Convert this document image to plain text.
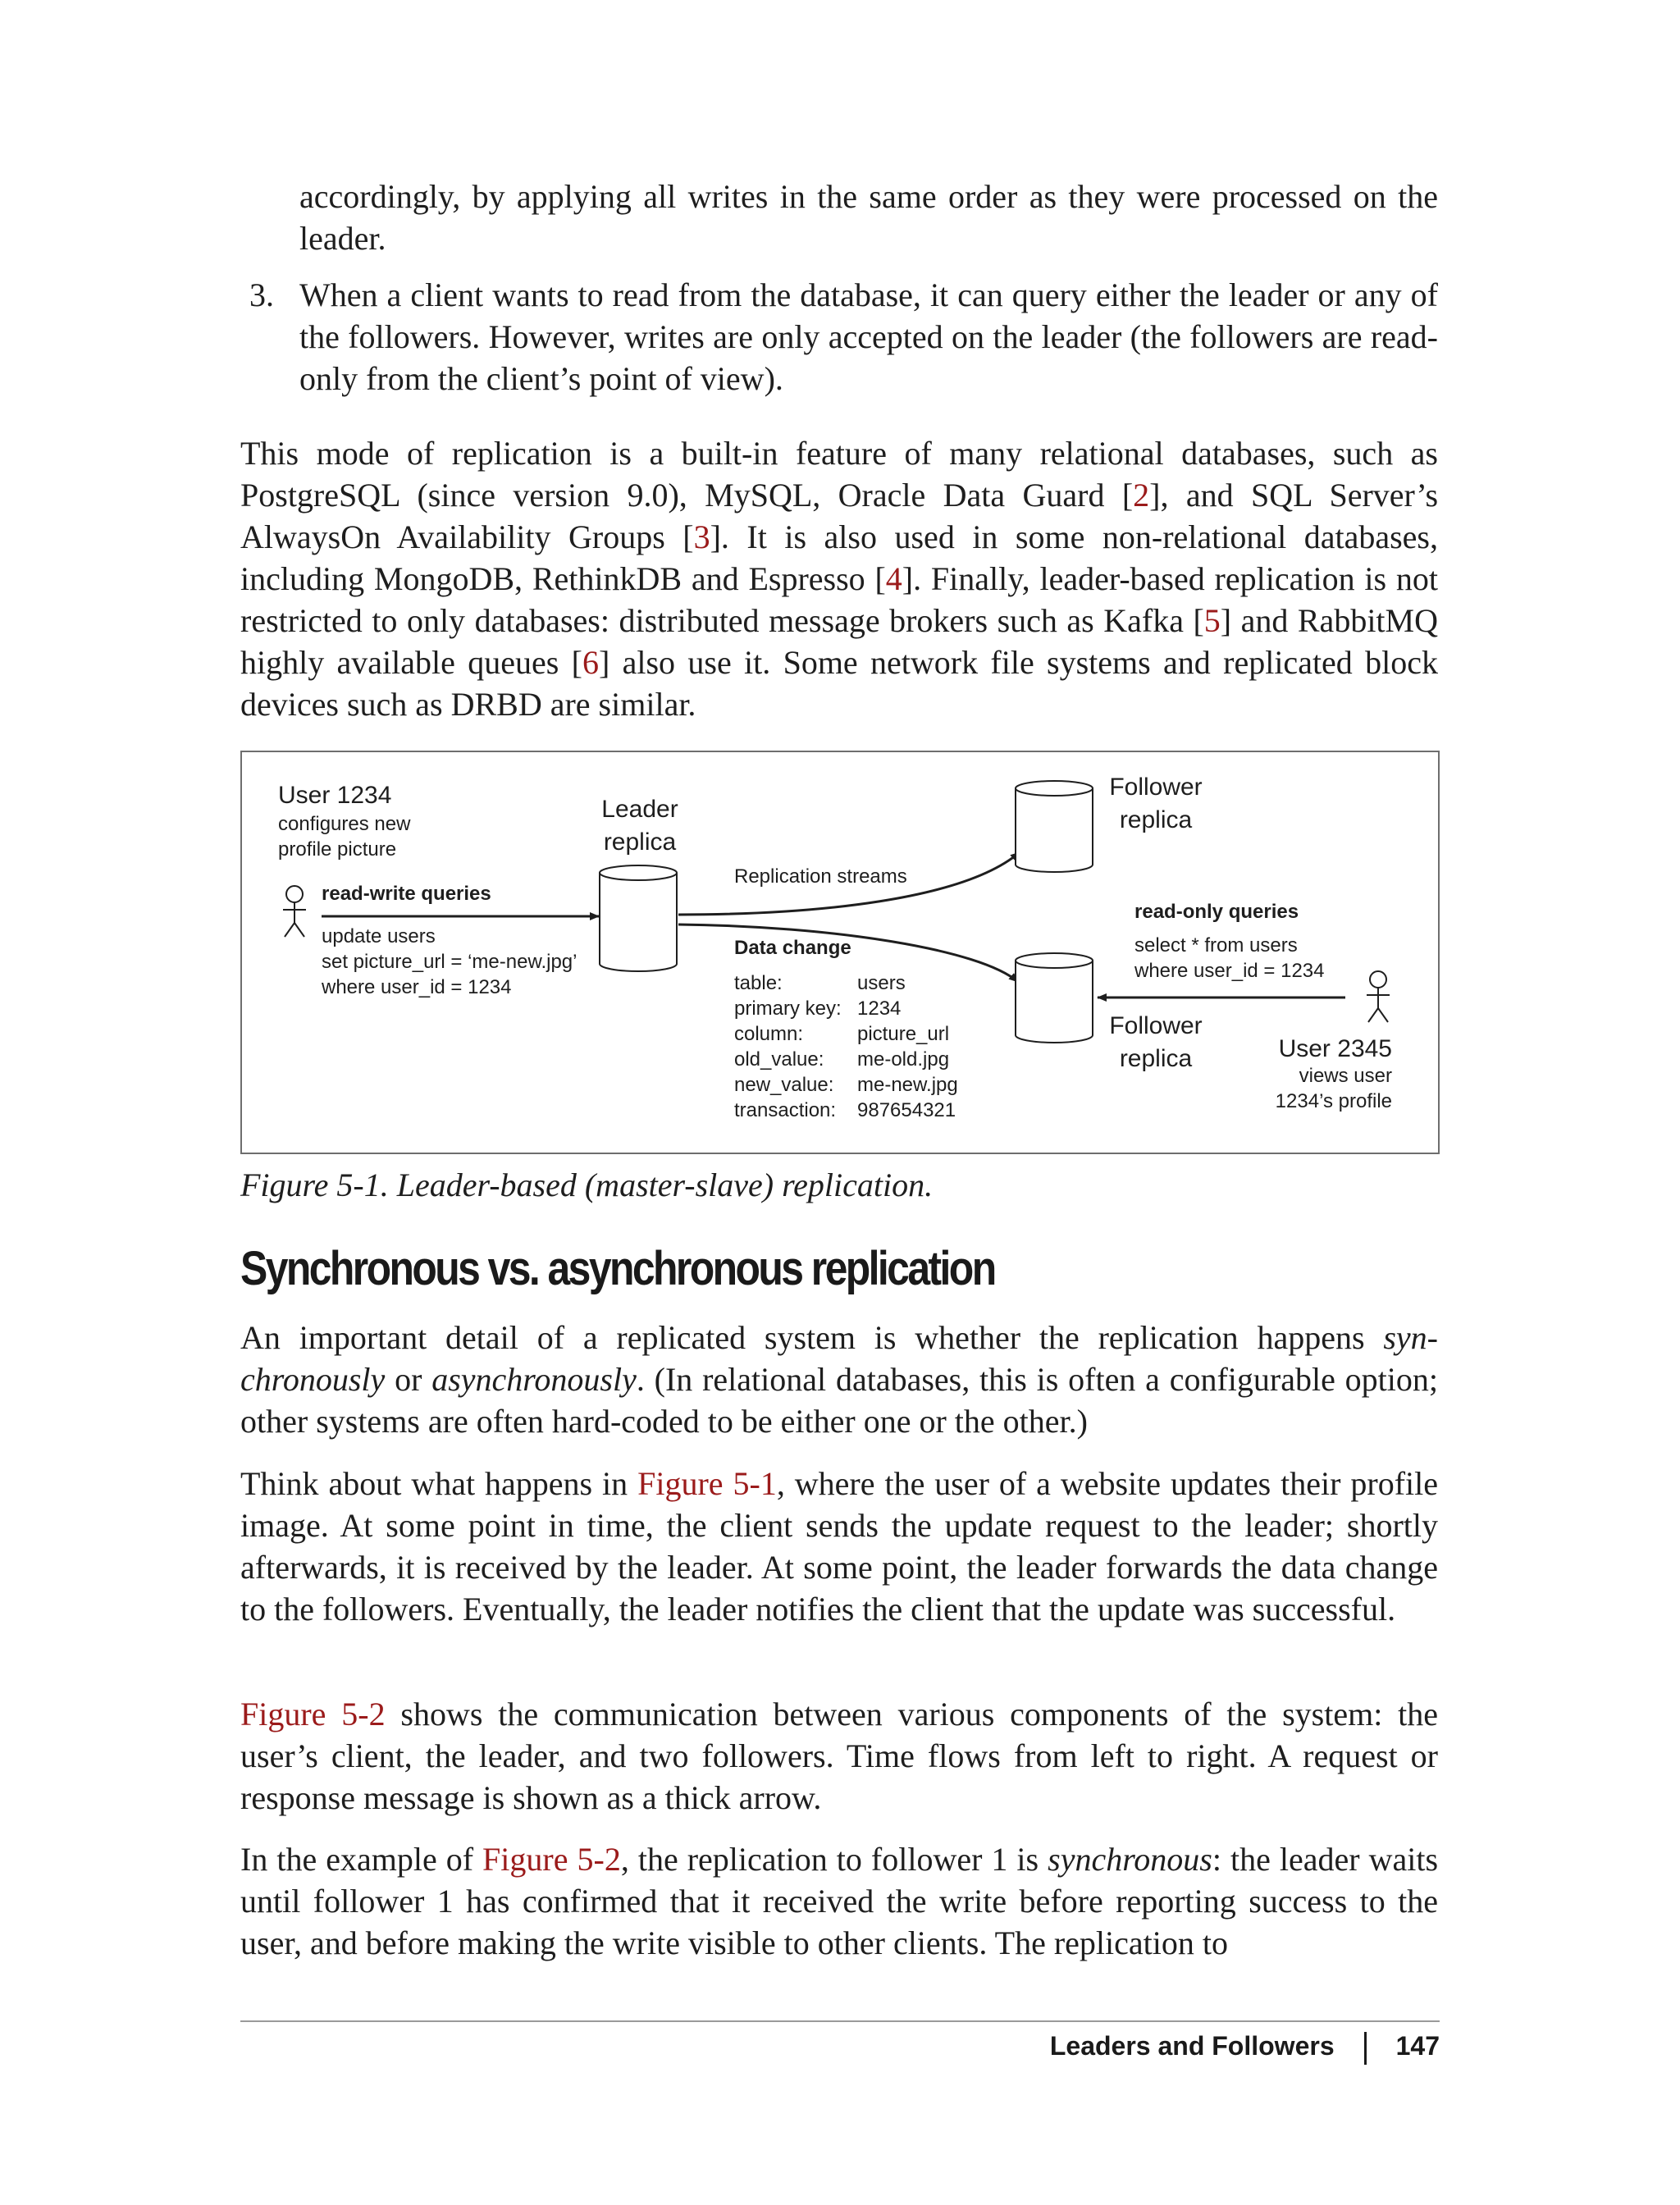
accordingly, by applying all writes in the same order as they were processed on the leader.

3. When a client wants to read from the database, it can query either the leader or any of the followers. However, writes are only accepted on the leader (the followers are read-only from the client’s point of view).

This mode of replication is a built-in feature of many relational databases, such as PostgreSQL (since version 9.0), MySQL, Oracle Data Guard [2], and SQL Server’s AlwaysOn Availability Groups [3]. It is also used in some non-relational databases, including MongoDB, RethinkDB and Espresso [4]. Finally, leader-based replication is not restricted to only databases: distributed message brokers such as Kafka [5] and RabbitMQ highly available queues [6] also use it. Some network file systems and replicated block devices such as DRBD are similar.

User 1234
configures new
profile picture
read-write queries
update users
set picture_url = ‘me-new.jpg’
where user_id = 1234
Leader
replica
Replication streams
Data change
table:	users
primary key: 1234
column:	picture_url
old_value: me-old.jpg
new_value: me-new.jpg
transaction: 987654321
Follower
replica
Follower
replica
read-only queries
select * from users
where user_id = 1234
User 2345
views user
1234’s profile

Figure 5-1. Leader-based (master-slave) replication.

Synchronous vs. asynchronous replication

An important detail of a replicated system is whether the replication happens synchronously or asynchronously. (In relational databases, this is often a configurable option; other systems are often hard-coded to be either one or the other.)

Think about what happens in Figure 5-1, where the user of a website updates their profile image. At some point in time, the client sends the update request to the leader; shortly afterwards, it is received by the leader. At some point, the leader forwards the data change to the followers. Eventually, the leader notifies the client that the update was successful.

Figure 5-2 shows the communication between various components of the system: the user’s client, the leader, and two followers. Time flows from left to right. A request or response message is shown as a thick arrow.

In the example of Figure 5-2, the replication to follower 1 is synchronous: the leader waits until follower 1 has confirmed that it received the write before reporting success to the user, and before making the write visible to other clients. The replication to

Leaders and Followers 147
